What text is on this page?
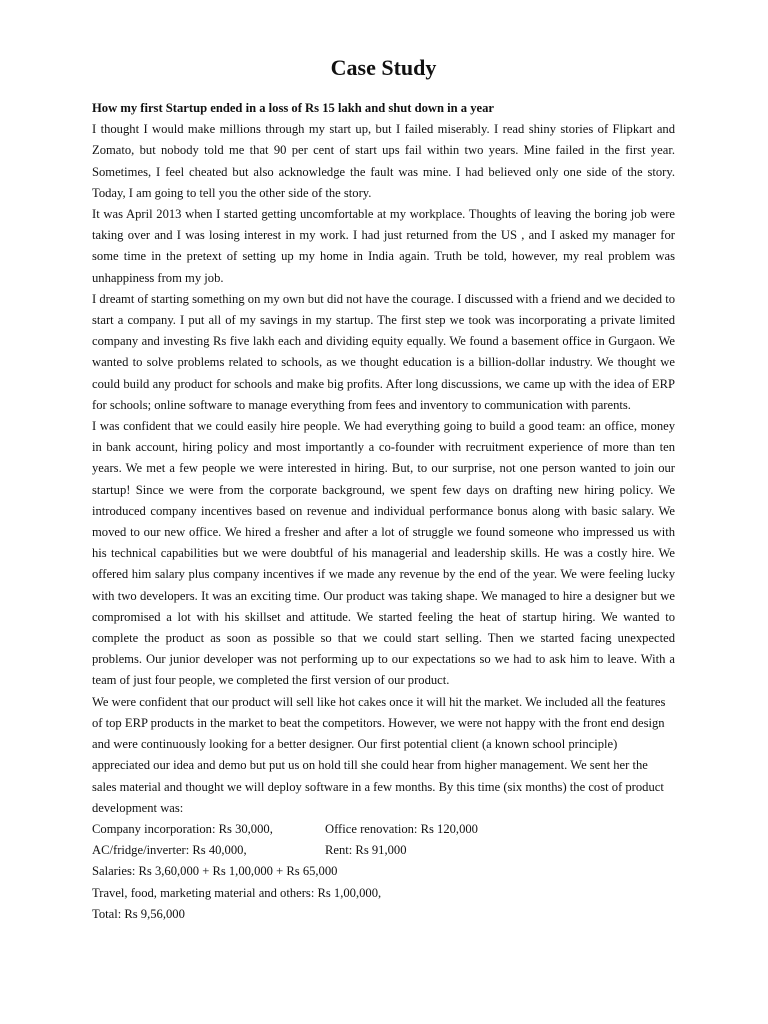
Case Study

How my first Startup ended in a loss of Rs 15 lakh and shut down in a year

I thought I would make millions through my start up, but I failed miserably. I read shiny stories of Flipkart and Zomato, but nobody told me that 90 per cent of start ups fail within two years. Mine failed in the first year. Sometimes, I feel cheated but also acknowledge the fault was mine. I had believed only one side of the story. Today, I am going to tell you the other side of the story.

It was April 2013 when I started getting uncomfortable at my workplace. Thoughts of leaving the boring job were taking over and I was losing interest in my work. I had just returned from the US , and I asked my manager for some time in the pretext of setting up my home in India again. Truth be told, however, my real problem was unhappiness from my job.

I dreamt of starting something on my own but did not have the courage. I discussed with a friend and we decided to start a company. I put all of my savings in my startup. The first step we took was incorporating a private limited company and investing Rs five lakh each and dividing equity equally. We found a basement office in Gurgaon. We wanted to solve problems related to schools, as we thought education is a billion-dollar industry. We thought we could build any product for schools and make big profits. After long discussions, we came up with the idea of ERP for schools; online software to manage everything from fees and inventory to communication with parents.

I was confident that we could easily hire people. We had everything going to build a good team: an office, money in bank account, hiring policy and most importantly a co-founder with recruitment experience of more than ten years. We met a few people we were interested in hiring. But, to our surprise, not one person wanted to join our startup! Since we were from the corporate background, we spent few days on drafting new hiring policy. We introduced company incentives based on revenue and individual performance bonus along with basic salary. We moved to our new office. We hired a fresher and after a lot of struggle we found someone who impressed us with his technical capabilities but we were doubtful of his managerial and leadership skills. He was a costly hire. We offered him salary plus company incentives if we made any revenue by the end of the year. We were feeling lucky with two developers. It was an exciting time. Our product was taking shape. We managed to hire a designer but we compromised a lot with his skillset and attitude. We started feeling the heat of startup hiring. We wanted to complete the product as soon as possible so that we could start selling. Then we started facing unexpected problems. Our junior developer was not performing up to our expectations so we had to ask him to leave. With a team of just four people, we completed the first version of our product.

We were confident that our product will sell like hot cakes once it will hit the market. We included all the features of top ERP products in the market to beat the competitors. However, we were not happy with the front end design and were continuously looking for a better designer. Our first potential client (a known school principle) appreciated our idea and demo but put us on hold till she could hear from higher management. We sent her the sales material and thought we will deploy software in a few months. By this time (six months) the cost of product development was:

Company incorporation: Rs 30,000,	Office renovation: Rs 120,000
AC/fridge/inverter: Rs 40,000,	Rent: Rs 91,000
Salaries: Rs 3,60,000 + Rs 1,00,000 + Rs 65,000
Travel, food, marketing material and others: Rs 1,00,000,
Total: Rs 9,56,000
